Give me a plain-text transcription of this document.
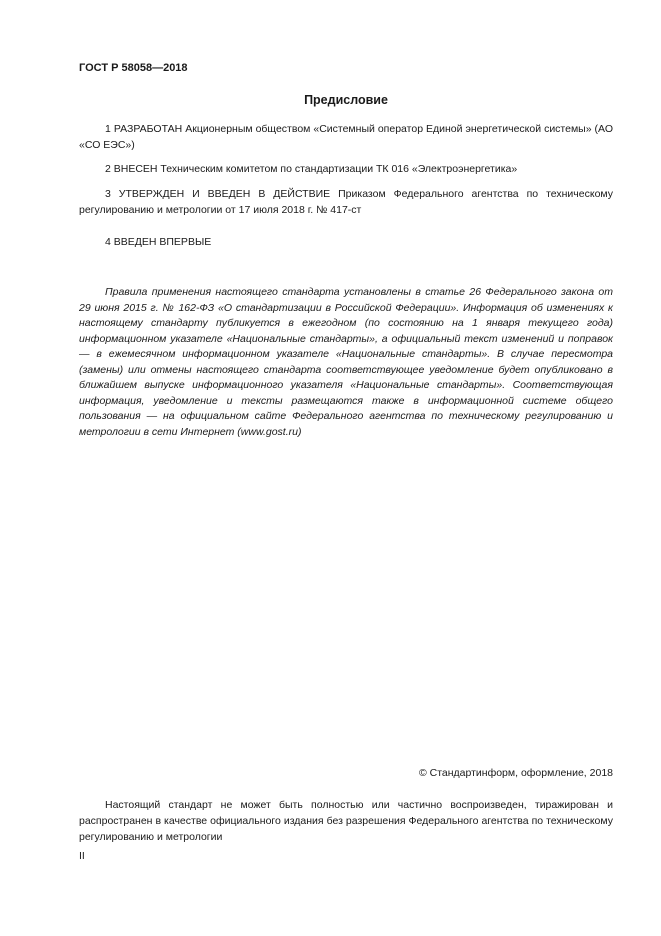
ГОСТ Р 58058—2018
Предисловие

1 РАЗРАБОТАН Акционерным обществом «Системный оператор Единой энергетической системы» (АО «СО ЕЭС»)

2 ВНЕСЕН Техническим комитетом по стандартизации ТК 016 «Электроэнергетика»

3 УТВЕРЖДЕН И ВВЕДЕН В ДЕЙСТВИЕ Приказом Федерального агентства по техническому регулированию и метрологии от 17 июля 2018 г. № 417-ст

4 ВВЕДЕН ВПЕРВЫЕ

Правила применения настоящего стандарта установлены в статье 26 Федерального закона от 29 июня 2015 г. № 162-ФЗ «О стандартизации в Российской Федерации». Информация об изменениях к настоящему стандарту публикуется в ежегодном (по состоянию на 1 января текущего года) информационном указателе «Национальные стандарты», а официальный текст изменений и поправок — в ежемесячном информационном указателе «Национальные стандарты». В случае пересмотра (замены) или отмены настоящего стандарта соответствующее уведомление будет опубликовано в ближайшем выпуске информационного указателя «Национальные стандарты». Соответствующая информация, уведомление и тексты размещаются также в информационной системе общего пользования — на официальном сайте Федерального агентства по техническому регулированию и метрологии в сети Интернет (www.gost.ru)

© Стандартинформ, оформление, 2018

Настоящий стандарт не может быть полностью или частично воспроизведен, тиражирован и распространен в качестве официального издания без разрешения Федерального агентства по техническому регулированию и метрологии

II
